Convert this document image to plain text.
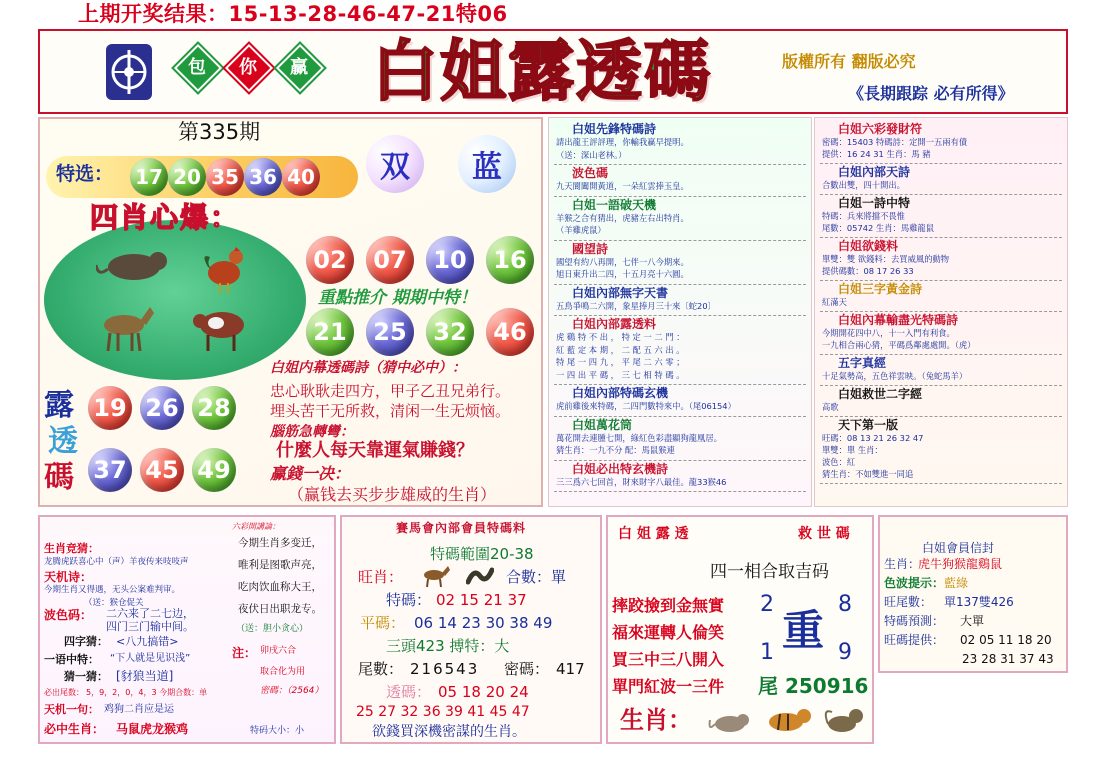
上期开奖结果：15-13-28-46-47-21特06
包 你 赢 白姐露透碼	版權所有 翻版必究
《長期跟踪 必有所得》
第335期
特选： 17 20 35 36 40 双 蓝
四肖心爆：
02	07	10	16
重點推介 期期中特！
21	25	32	46
露
透
碼
19 26 28
37 45 49
白姐内幕透碼詩（猜中必中）：
忠心耿耿走四方，甲子乙丑兄弟行。
埋头苦干无所救，清闲一生无烦恼。
腦筋急轉彎：
什麼人每天靠運氣賺錢？
赢錢一决：
（赢钱去买步步雄威的生肖）
白姐先鋒特碼詩
請出龍王評評理，你輸我赢早提明。
（送：深山老林。）
波色碼
九天閬闔開黃道，一朵紅雲捧玉皇。
白姐一語破天機
羊猴之合有猜出，虎豬左右出特肖。
（羊雞虎鼠）
國望詩
國望有約八再開，七伴一八今期來。
旭日東升出二四，十五月亮十六圓。
白姐內部無字天書
五鳥爭鳴二六開，象星捧月三十來〔蛇20〕
白姐內部露透料
虎 鷄 特 不 出 ， 特 定 一 二 門 ：
紅 藍 定 本 期 ， 二 配 五 六 出 。
特 尾 一 四 九 ， 平 尾 二 六 零 ；
一 四 出 平 碼 ， 三 七 相 特 碼 。
白姐內部特碼玄機
虎前雞後來特碼，二四門數特來中。（尾06154）
白姐萬花筒
萬花開去連腫七開，綠紅色彩盡顯狗龍凰居。
猜生肖：一九不分 配：馬鼠猴連
白姐必出特玄機詩
三三爲六七回首，財來財字八最佳。龍33猴46
白姐六彩發財符
密碼：15403 特碼詩：定開一五兩有債
提供：16 24 31 生肖：馬 豬
白姐內部天詩
合數出雙，四十開出。
白姐一詩中特
特碼：兵來將擋不畏惟
尾數：05742 生肖：馬雞龍鼠
白姐欲錢料
單雙：雙 欲錢料：去買威風的動物
提供碼數：08 17 26 33
白姐三字黃金詩
紅滿天
白姐內幕輸盡光特碼詩
今期開花四中八，十一入門有利食。
一九相合兩心猜，平碼爲鄰處處開。（虎）
五字真經
十足氣勢高，五色祥雲映。（兔蛇馬羊）
白姐救世二字經
高歌
天下第一版
旺碼：08 13 21 26 32 47
單雙：單 生肖：
波色：紅
猜生肖：不如雙進一同追
生肖竞猜：
龙腾虎跃喜心中（声）羊夜传来吱吱声
天机诗：
今期生肖又得遇，无头公案难判审。
（送：猴仓促关
波色码： 二六来了二七边，
四门三门输中间。
四字猜： <八九搞错>
一语中特： “下人就是见识浅”
猜一猜： [豺狼当道]
必出尾数： 5，9，2，0，4，3 今期合数：单
天机一句： 鸡狗二肖应是运
必中生肖： 马鼠虎龙猴鸡
六彩開講論：
今期生肖多变迁，
唯利是图歌声亮，
吃肉饮血称大王，
夜伏日出职龙专。
（送：胆小贪心）
注： 卯戌六合
取合化为用
密碼：（2564）
特码大小：小
賽馬會內部會員特碼料
特碼範圍20-38
旺肖：	合數：單
特碼： 02 15 21 37
平碼： 06 14 23 30 38 49
三頭423 搏特：大
尾數： 216543 密碼： 417
透碼： 05 18 20 24
25 27 32 36 39 41 45 47
欲錢買深機密謀的生肖。
白 姐 露 透	救 世 碼
四一相合取吉码
摔跤撿到金無實
福來運轉人倫笑
買三中三八開入
單門紅波一三件
2	8
重
1	9
尾 250916
生肖：
白姐會員信封
生肖：
虎牛狗猴龍鷄鼠
色波提示： 藍綠
旺尾數： 單137雙426
特碼預測： 大單
旺碼提供： 02 05 11 18 20
23 28 31 37 43
